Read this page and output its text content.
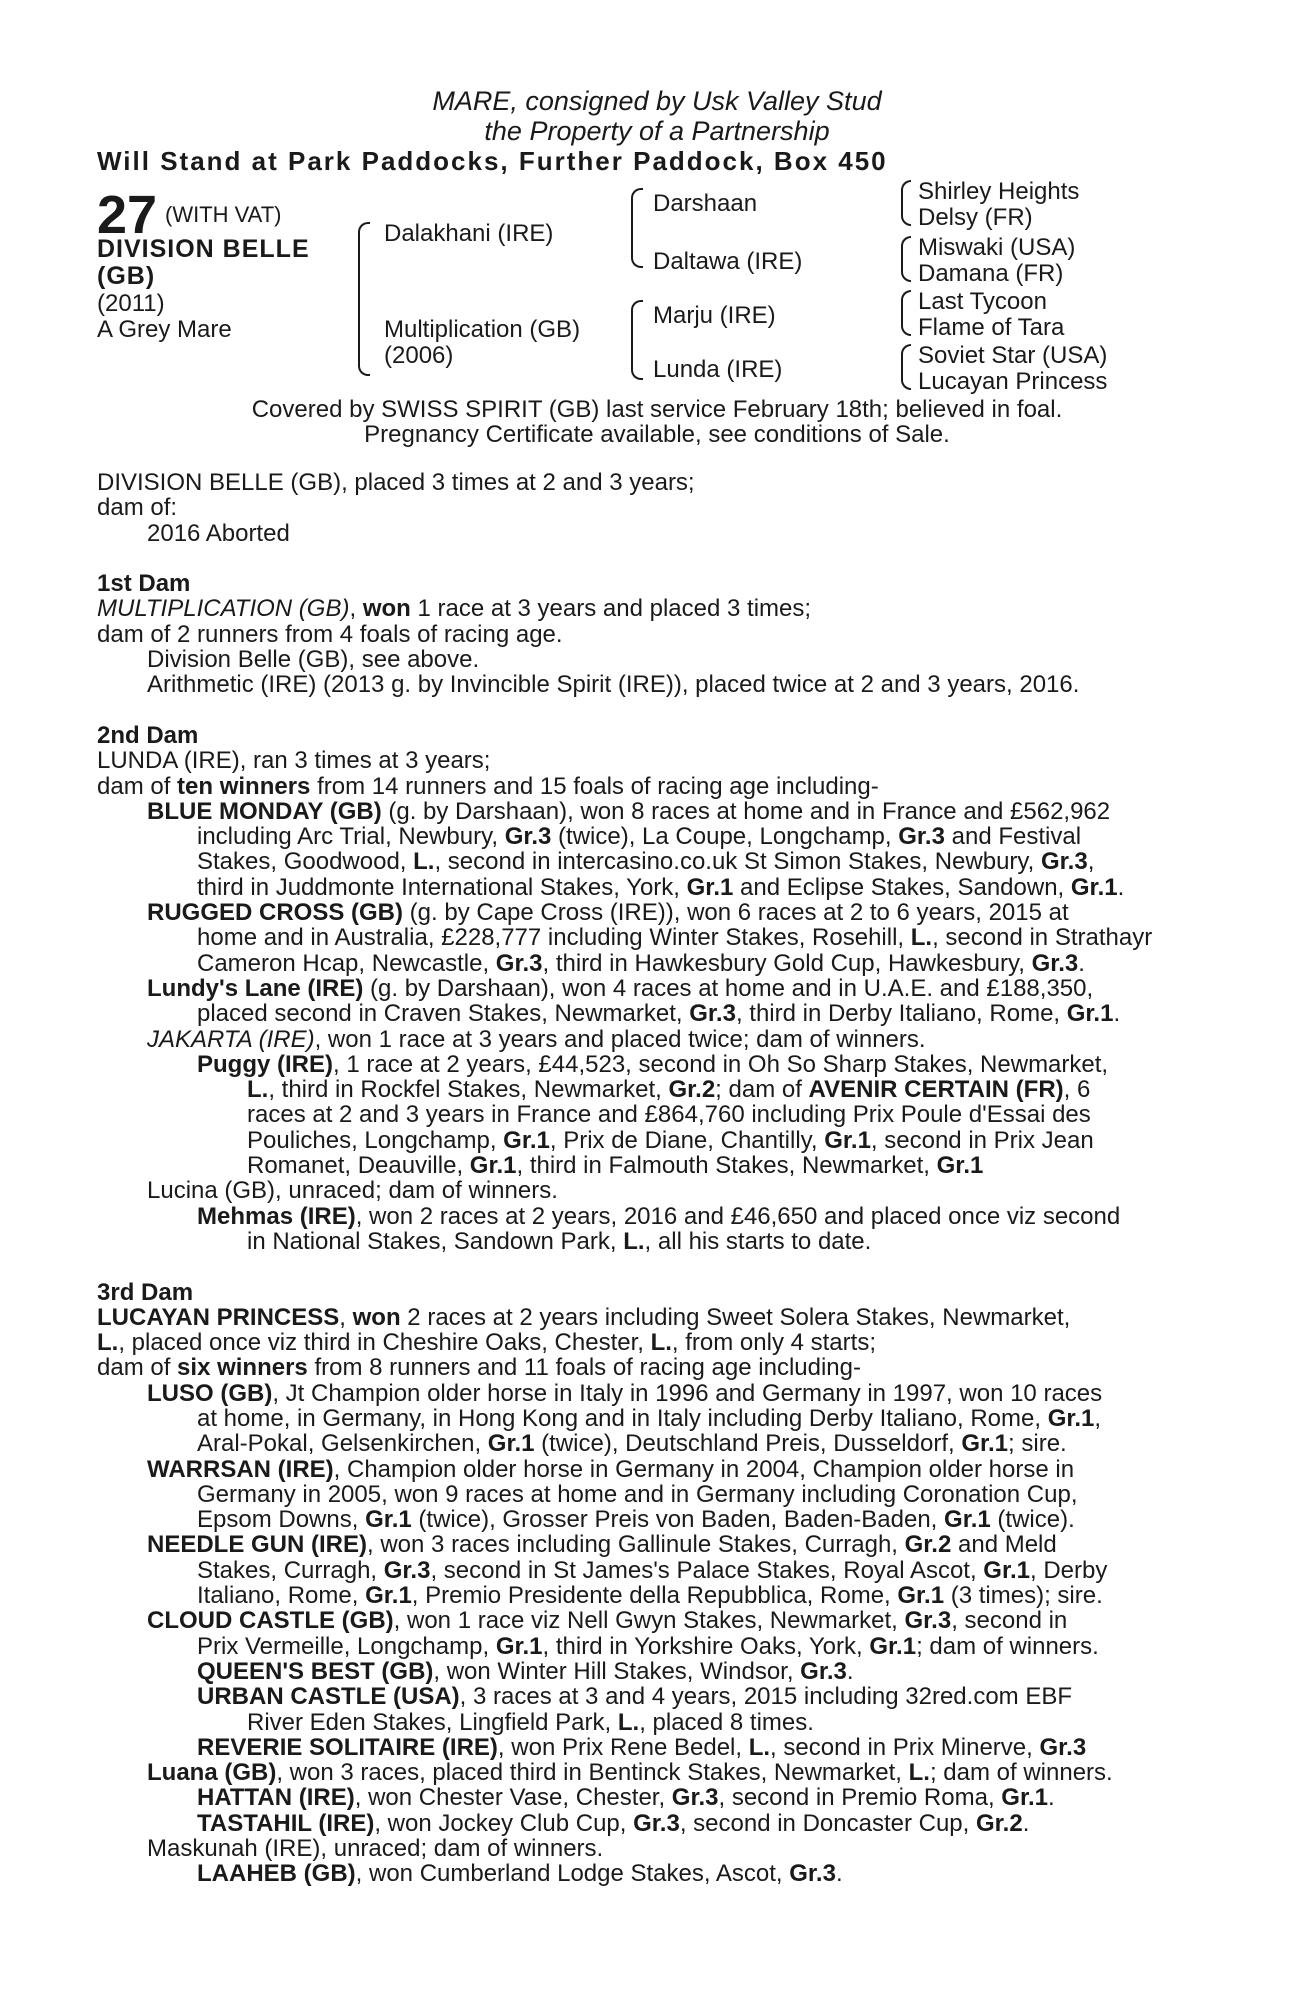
MARE, consigned by Usk Valley Stud
the Property of a Partnership
Will Stand at Park Paddocks, Further Paddock, Box 450
27 (WITH VAT)
DIVISION BELLE
(GB)
(2011)
A Grey Mare
Dalakhani (IRE)
Multiplication (GB)
(2006)
Darshaan
Daltawa (IRE)
Marju (IRE)
Lunda (IRE)
Shirley Heights
Delsy (FR)
Miswaki (USA)
Damana (FR)
Last Tycoon
Flame of Tara
Soviet Star (USA)
Lucayan Princess
Covered by SWISS SPIRIT (GB) last service February 18th; believed in foal.
Pregnancy Certificate available, see conditions of Sale.
DIVISION BELLE (GB), placed 3 times at 2 and 3 years;
dam of:
2016 Aborted
1st Dam
MULTIPLICATION (GB), won 1 race at 3 years and placed 3 times;
dam of 2 runners from 4 foals of racing age.
Division Belle (GB), see above.
Arithmetic (IRE) (2013 g. by Invincible Spirit (IRE)), placed twice at 2 and 3 years, 2016.
2nd Dam
LUNDA (IRE), ran 3 times at 3 years;
dam of ten winners from 14 runners and 15 foals of racing age including-
BLUE MONDAY (GB) (g. by Darshaan), won 8 races at home and in France and £562,962
including Arc Trial, Newbury, Gr.3 (twice), La Coupe, Longchamp, Gr.3 and Festival
Stakes, Goodwood, L., second in intercasino.co.uk St Simon Stakes, Newbury, Gr.3,
third in Juddmonte International Stakes, York, Gr.1 and Eclipse Stakes, Sandown, Gr.1.
RUGGED CROSS (GB) (g. by Cape Cross (IRE)), won 6 races at 2 to 6 years, 2015 at
home and in Australia, £228,777 including Winter Stakes, Rosehill, L., second in Strathayr
Cameron Hcap, Newcastle, Gr.3, third in Hawkesbury Gold Cup, Hawkesbury, Gr.3.
Lundy's Lane (IRE) (g. by Darshaan), won 4 races at home and in U.A.E. and £188,350,
placed second in Craven Stakes, Newmarket, Gr.3, third in Derby Italiano, Rome, Gr.1.
JAKARTA (IRE), won 1 race at 3 years and placed twice; dam of winners.
Puggy (IRE), 1 race at 2 years, £44,523, second in Oh So Sharp Stakes, Newmarket,
L., third in Rockfel Stakes, Newmarket, Gr.2; dam of AVENIR CERTAIN (FR), 6
races at 2 and 3 years in France and £864,760 including Prix Poule d'Essai des
Pouliches, Longchamp, Gr.1, Prix de Diane, Chantilly, Gr.1, second in Prix Jean
Romanet, Deauville, Gr.1, third in Falmouth Stakes, Newmarket, Gr.1
Lucina (GB), unraced; dam of winners.
Mehmas (IRE), won 2 races at 2 years, 2016 and £46,650 and placed once viz second
in National Stakes, Sandown Park, L., all his starts to date.
3rd Dam
LUCAYAN PRINCESS, won 2 races at 2 years including Sweet Solera Stakes, Newmarket,
L., placed once viz third in Cheshire Oaks, Chester, L., from only 4 starts;
dam of six winners from 8 runners and 11 foals of racing age including-
LUSO (GB), Jt Champion older horse in Italy in 1996 and Germany in 1997, won 10 races
at home, in Germany, in Hong Kong and in Italy including Derby Italiano, Rome, Gr.1,
Aral-Pokal, Gelsenkirchen, Gr.1 (twice), Deutschland Preis, Dusseldorf, Gr.1; sire.
WARRSAN (IRE), Champion older horse in Germany in 2004, Champion older horse in
Germany in 2005, won 9 races at home and in Germany including Coronation Cup,
Epsom Downs, Gr.1 (twice), Grosser Preis von Baden, Baden-Baden, Gr.1 (twice).
NEEDLE GUN (IRE), won 3 races including Gallinule Stakes, Curragh, Gr.2 and Meld
Stakes, Curragh, Gr.3, second in St James's Palace Stakes, Royal Ascot, Gr.1, Derby
Italiano, Rome, Gr.1, Premio Presidente della Repubblica, Rome, Gr.1 (3 times); sire.
CLOUD CASTLE (GB), won 1 race viz Nell Gwyn Stakes, Newmarket, Gr.3, second in
Prix Vermeille, Longchamp, Gr.1, third in Yorkshire Oaks, York, Gr.1; dam of winners.
QUEEN'S BEST (GB), won Winter Hill Stakes, Windsor, Gr.3.
URBAN CASTLE (USA), 3 races at 3 and 4 years, 2015 including 32red.com EBF
River Eden Stakes, Lingfield Park, L., placed 8 times.
REVERIE SOLITAIRE (IRE), won Prix Rene Bedel, L., second in Prix Minerve, Gr.3
Luana (GB), won 3 races, placed third in Bentinck Stakes, Newmarket, L.; dam of winners.
HATTAN (IRE), won Chester Vase, Chester, Gr.3, second in Premio Roma, Gr.1.
TASTAHIL (IRE), won Jockey Club Cup, Gr.3, second in Doncaster Cup, Gr.2.
Maskunah (IRE), unraced; dam of winners.
LAAHEB (GB), won Cumberland Lodge Stakes, Ascot, Gr.3.
